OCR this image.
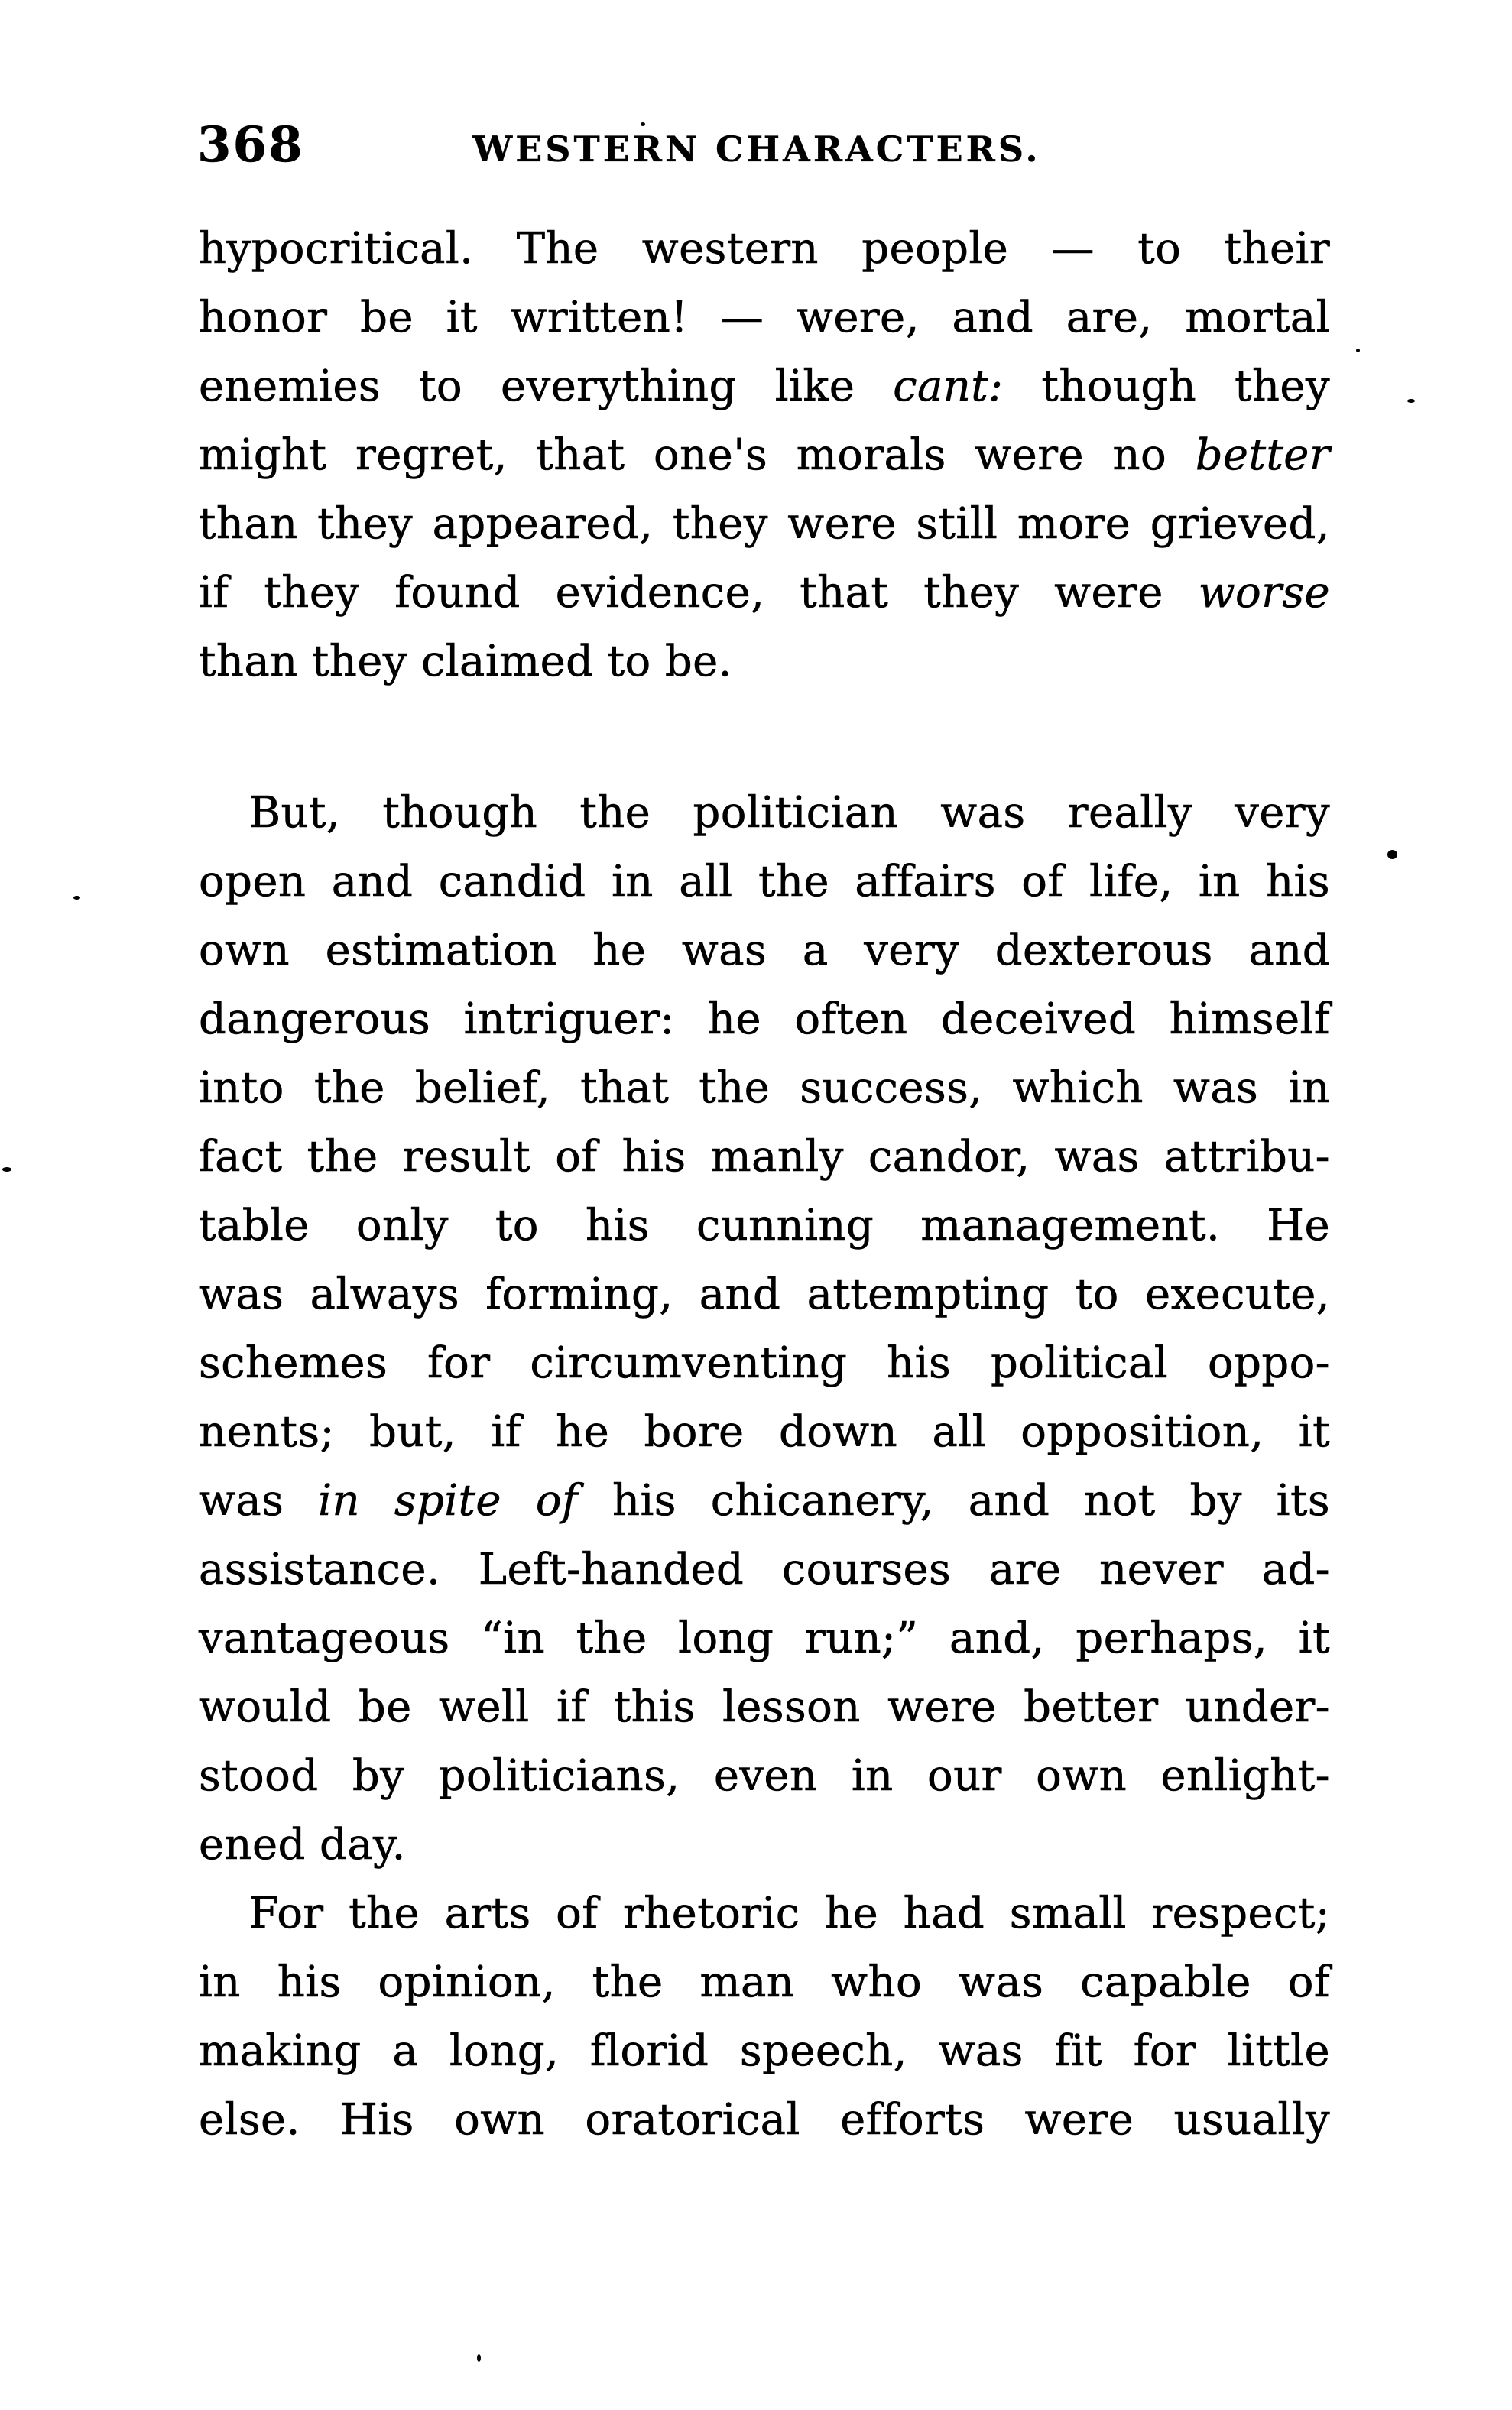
368	WESTERN CHARACTERS.
hypocritical. The western people — to their
honor be it written! — were, and are, mortal
enemies to everything like cant: though they
might regret, that one's morals were no better
than they appeared, they were still more grieved,
if they found evidence, that they were worse
than they claimed to be.
But, though the politician was really very
open and candid in all the affairs of life, in his
own estimation he was a very dexterous and
dangerous intriguer: he often deceived himself
into the belief, that the success, which was in
fact the result of his manly candor, was attribu-
table only to his cunning management. He
was always forming, and attempting to execute,
schemes for circumventing his political oppo-
nents; but, if he bore down all opposition, it
was in spite of his chicanery, and not by its
assistance. Left-handed courses are never ad-
vantageous “in the long run;” and, perhaps, it
would be well if this lesson were better under-
stood by politicians, even in our own enlight-
ened day.
For the arts of rhetoric he had small respect;
in his opinion, the man who was capable of
making a long, florid speech, was fit for little
else. His own oratorical efforts were usually
